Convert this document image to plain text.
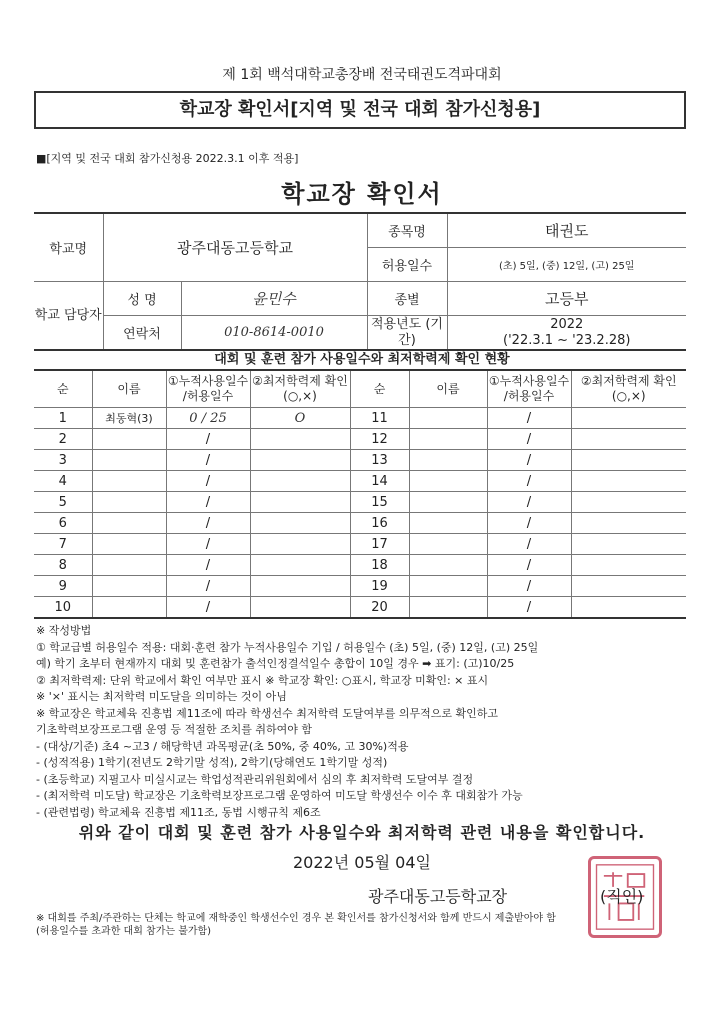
제 1회 백석대학교총장배 전국태권도격파대회
학교장 확인서[지역 및 전국 대회 참가신청용]
■[지역 및 전국 대회 참가신청용 2022.3.1 이후 적용]
학교장 확인서
학교명	광주대동고등학교		종목명	태권도
			허용일수	(초) 5일, (중) 12일, (고) 25일
학교 담당자	성 명	윤민수	종별	고등부
	연락처	010-8614-0010	적용년도 (기간)	2022
('22.3.1 ~ '23.2.28)
대회 및 훈련 참가 사용일수와 최저학력제 확인 현황
순	이름	①누적사용일수 /허용일수	②최저학력제 확인(○,×)	순	이름	①누적사용일수 /허용일수	②최저학력제 확인(○,×)
1	최동혁(3)	0 / 25	O	11		/	
2		/		12		/	
3		/		13		/	
4		/		14		/	
5		/		15		/	
6		/		16		/	
7		/		17		/	
8		/		18		/	
9		/		19		/	
10		/		20		/	
※ 작성방법
① 학교급별 허용일수 적용: 대회·훈련 참가 누적사용일수 기입 / 허용일수 (초) 5일, (중) 12일, (고) 25일
예) 학기 초부터 현재까지 대회 및 훈련참가 출석인정결석일수 총합이 10일 경우 ➡ 표기: (고)10/25
② 최저학력제: 단위 학교에서 확인 여부만 표시 ※ 학교장 확인: ○표시, 학교장 미확인: × 표시
※ '×' 표시는 최저학력 미도달을 의미하는 것이 아님
※ 학교장은 학교체육 진흥법 제11조에 따라 학생선수 최저학력 도달여부를 의무적으로 확인하고
기초학력보장프로그램 운영 등 적절한 조치를 취하여야 함
- (대상/기준) 초4 ~고3 / 해당학년 과목평균(초 50%, 중 40%, 고 30%)적용
- (성적적용) 1학기(전년도 2학기말 성적), 2학기(당해연도 1학기말 성적)
- (초등학교) 지필고사 미실시교는 학업성적관리위원회에서 심의 후 최저학력 도달여부 결정
- (최저학력 미도달) 학교장은 기초학력보장프로그램 운영하여 미도달 학생선수 이수 후 대회참가 가능
- (관련법령) 학교체육 진흥법 제11조, 동법 시행규칙 제6조
위와 같이 대회 및 훈련 참가 사용일수와 최저학력 관련 내용을 확인합니다.
2022년 05월 04일
광주대동고등학교장	(직인)
※ 대회를 주최/주관하는 단체는 학교에 재학중인 학생선수인 경우 본 확인서를 참가신청서와 함께 반드시 제출받아야 함
(허용일수를 초과한 대회 참가는 불가함)
